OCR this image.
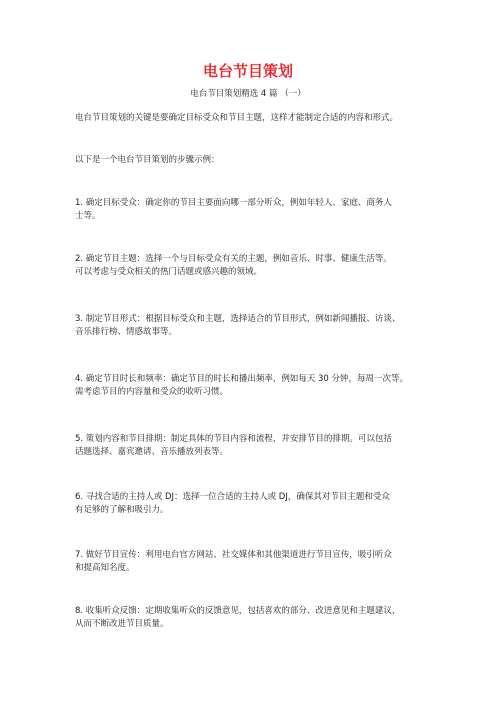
电台节目策划
电台节目策划精选 4 篇 （一）
电台节目策划的关键是要确定目标受众和节目主题，这样才能制定合适的内容和形式。
以下是一个电台节目策划的步骤示例：
1. 确定目标受众：确定你的节目主要面向哪一部分听众，例如年轻人、家庭、商务人
士等。
2. 确定节目主题：选择一个与目标受众有关的主题，例如音乐、时事、健康生活等。
可以考虑与受众相关的热门话题或感兴趣的领域。
3. 制定节目形式：根据目标受众和主题，选择适合的节目形式，例如新闻播报、访谈、
音乐排行榜、情感故事等。
4. 确定节目时长和频率：确定节目的时长和播出频率，例如每天 30 分钟，每周一次等。
需考虑节目的内容量和受众的收听习惯。
5. 策划内容和节目排期：制定具体的节目内容和流程，并安排节目的排期。可以包括
话题选择、嘉宾邀请、音乐播放列表等。
6. 寻找合适的主持人或 DJ：选择一位合适的主持人或 DJ，确保其对节目主题和受众
有足够的了解和吸引力。
7. 做好节目宣传：利用电台官方网站、社交媒体和其他渠道进行节目宣传，吸引听众
和提高知名度。
8. 收集听众反馈：定期收集听众的反馈意见，包括喜欢的部分、改进意见和主题建议，
从而不断改进节目质量。
